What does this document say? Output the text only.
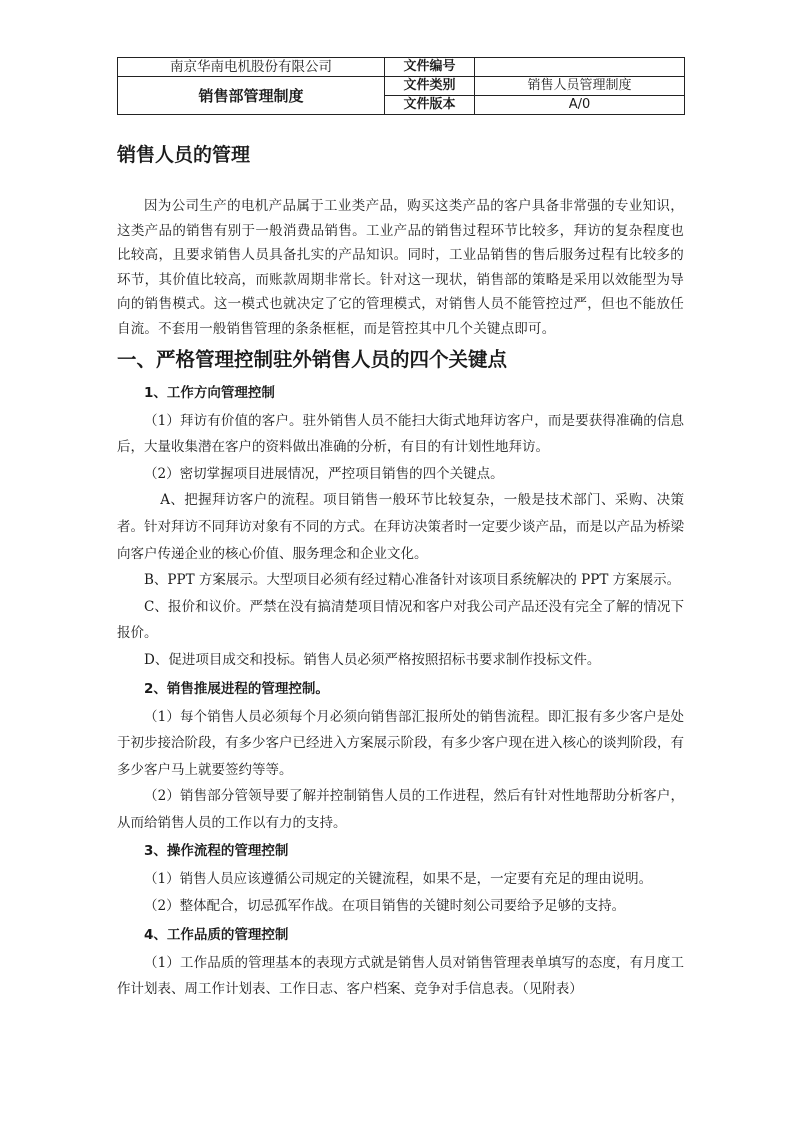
南京华南电机股份有限公司	文件编号	
销售部管理制度	文件类别	销售人员管理制度
	文件版本	A/0
销售人员的管理

因为公司生产的电机产品属于工业类产品，购买这类产品的客户具备非常强的专业知识，这类产品的销售有别于一般消费品销售。工业产品的销售过程环节比较多，拜访的复杂程度也比较高，且要求销售人员具备扎实的产品知识。同时，工业品销售的售后服务过程有比较多的环节，其价值比较高，而账款周期非常长。针对这一现状，销售部的策略是采用以效能型为导向的销售模式。这一模式也就决定了它的管理模式，对销售人员不能管控过严，但也不能放任自流。不套用一般销售管理的条条框框，而是管控其中几个关键点即可。

一、严格管理控制驻外销售人员的四个关键点
1、工作方向管理控制

（1）拜访有价值的客户。驻外销售人员不能扫大街式地拜访客户，而是要获得准确的信息后，大量收集潜在客户的资料做出准确的分析，有目的有计划性地拜访。

（2）密切掌握项目进展情况，严控项目销售的四个关键点。

A、把握拜访客户的流程。项目销售一般环节比较复杂，一般是技术部门、采购、决策者。针对拜访不同拜访对象有不同的方式。在拜访决策者时一定要少谈产品，而是以产品为桥梁向客户传递企业的核心价值、服务理念和企业文化。

B、PPT 方案展示。大型项目必须有经过精心准备针对该项目系统解决的 PPT 方案展示。

C、报价和议价。严禁在没有搞清楚项目情况和客户对我公司产品还没有完全了解的情况下报价。

D、促进项目成交和投标。销售人员必须严格按照招标书要求制作投标文件。

2、销售推展进程的管理控制。

（1）每个销售人员必须每个月必须向销售部汇报所处的销售流程。即汇报有多少客户是处于初步接洽阶段，有多少客户已经进入方案展示阶段，有多少客户现在进入核心的谈判阶段，有多少客户马上就要签约等等。

（2）销售部分管领导要了解并控制销售人员的工作进程，然后有针对性地帮助分析客户，从而给销售人员的工作以有力的支持。

3、操作流程的管理控制

（1）销售人员应该遵循公司规定的关键流程，如果不是，一定要有充足的理由说明。

（2）整体配合，切忌孤军作战。在项目销售的关键时刻公司要给予足够的支持。

4、工作品质的管理控制

（1）工作品质的管理基本的表现方式就是销售人员对销售管理表单填写的态度，有月度工作计划表、周工作计划表、工作日志、客户档案、竞争对手信息表。（见附表）
